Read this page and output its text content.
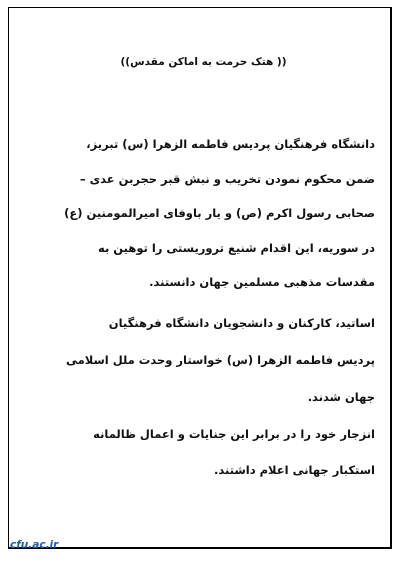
(( هتک حرمت به اماکن مقدس))
دانشگاه فرهنگیان پردیس فاطمه الزهرا (س) تبریز،
ضمن محکوم نمودن تخریب و نبش قبر حجربن عدی –
صحابی رسول اکرم (ص) و یار باوفای امیرالمومنین (ع)
در سوریه، این اقدام شنیع تروریستی را توهین به
مقدسات مذهبی مسلمین جهان دانستند.
اساتید، کارکنان و دانشجویان دانشگاه فرهنگیان
پردیس فاطمه الزهرا (س) خواستار وحدت ملل اسلامی
جهان شدند.
انزجار خود را در برابر این جنایات و اعمال ظالمانه
استکبار جهانی اعلام داشتند.
cfu.ac.ir
